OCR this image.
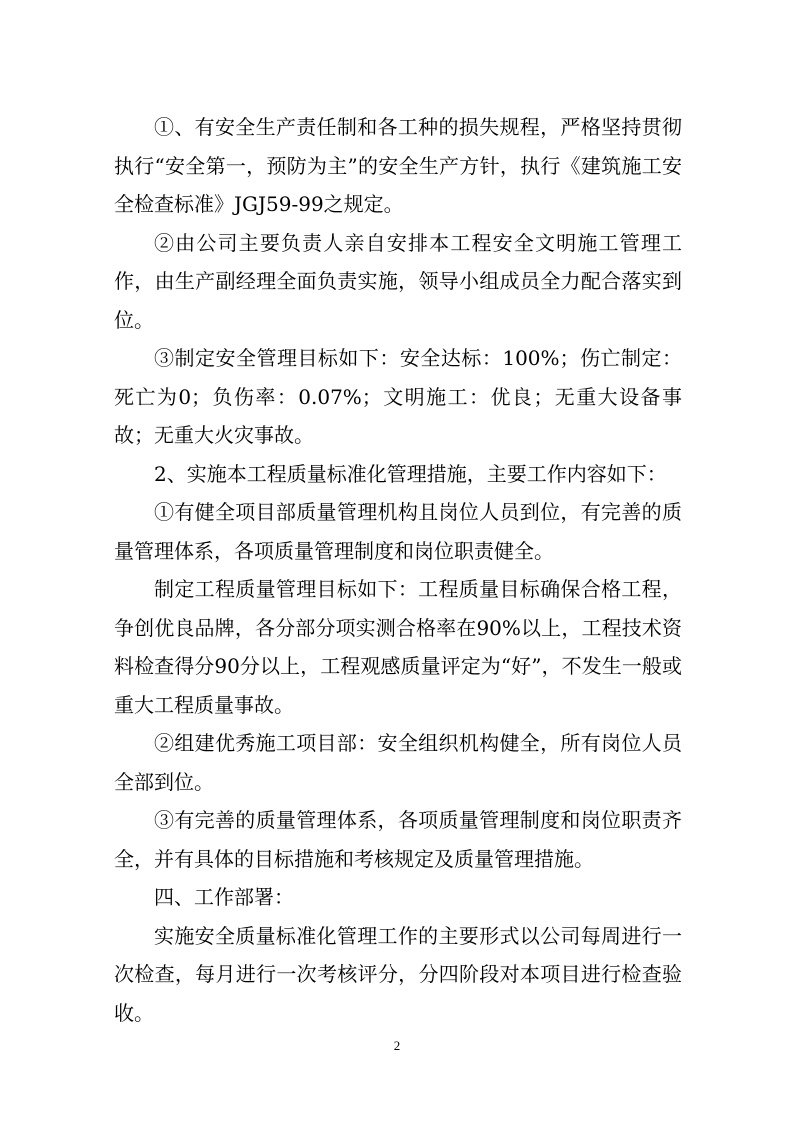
①、有安全生产责任制和各工种的损失规程，严格坚持贯彻执行“安全第一，预防为主”的安全生产方针，执行《建筑施工安全检查标准》JGJ59-99之规定。

②由公司主要负责人亲自安排本工程安全文明施工管理工作，由生产副经理全面负责实施，领导小组成员全力配合落实到位。

③制定安全管理目标如下：安全达标：100%；伤亡制定：死亡为0；负伤率：0.07%；文明施工：优良；无重大设备事故；无重大火灾事故。

2、实施本工程质量标准化管理措施，主要工作内容如下：

①有健全项目部质量管理机构且岗位人员到位，有完善的质量管理体系，各项质量管理制度和岗位职责健全。

制定工程质量管理目标如下：工程质量目标确保合格工程，争创优良品牌，各分部分项实测合格率在90%以上，工程技术资料检查得分90分以上，工程观感质量评定为“好”，不发生一般或重大工程质量事故。

②组建优秀施工项目部：安全组织机构健全，所有岗位人员全部到位。

③有完善的质量管理体系，各项质量管理制度和岗位职责齐全，并有具体的目标措施和考核规定及质量管理措施。

四、工作部署：

实施安全质量标准化管理工作的主要形式以公司每周进行一次检查，每月进行一次考核评分，分四阶段对本项目进行检查验收。

2
